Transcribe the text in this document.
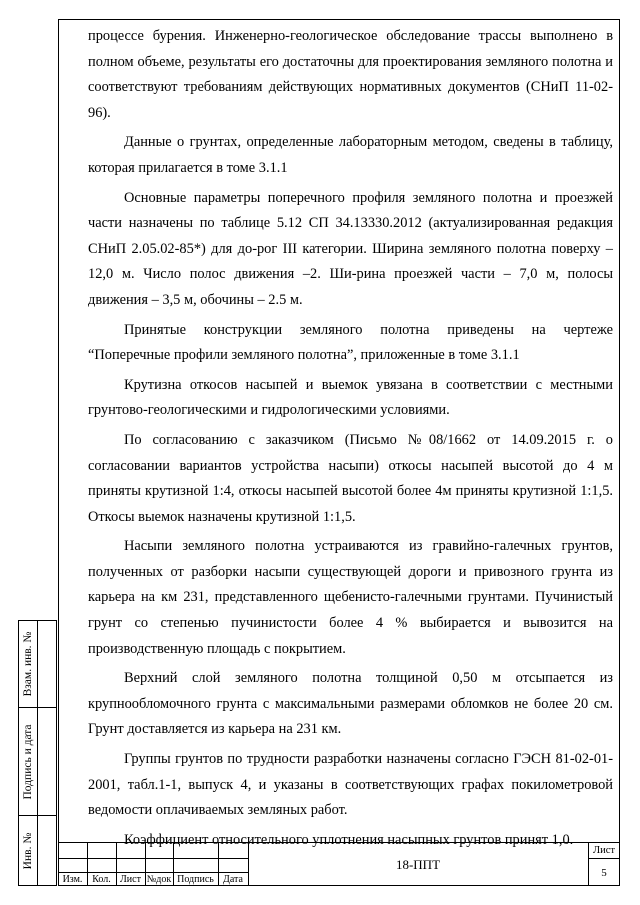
процессе бурения. Инженерно-геологическое обследование трассы выполнено в полном объеме, результаты его достаточны для проектирования земляного полотна и соответствуют требованиям действующих нормативных документов (СНиП 11-02-96).

Данные о грунтах, определенные лабораторным методом, сведены в таблицу, которая прилагается в томе 3.1.1

Основные параметры поперечного профиля земляного полотна и проезжей части назначены по таблице 5.12 СП 34.13330.2012 (актуализированная редакция СНиП 2.05.02-85*) для до-рог III категории. Ширина земляного полотна поверху – 12,0 м. Число полос движения –2. Ши-рина проезжей части – 7,0 м, полосы движения – 3,5 м, обочины – 2.5 м.

Принятые конструкции земляного полотна приведены на чертеже “Поперечные профили земляного полотна”, приложенные в томе 3.1.1

Крутизна откосов насыпей и выемок увязана в соответствии с местными грунтово-геологическими и гидрологическими условиями.

По согласованию с заказчиком (Письмо №08/1662 от 14.09.2015 г. о согласовании вариантов устройства насыпи) откосы насыпей высотой до 4 м приняты крутизной 1:4, откосы насыпей высотой более 4м приняты крутизной 1:1,5. Откосы выемок назначены крутизной 1:1,5.

Насыпи земляного полотна устраиваются из гравийно-галечных грунтов, полученных от разборки насыпи существующей дороги и привозного грунта из карьера на км 231, представленного щебенисто-галечными грунтами. Пучинистый грунт со степенью пучинистости более 4 % выбирается и вывозится на производственную площадь с покрытием.

Верхний слой земляного полотна толщиной 0,50 м отсыпается из крупнообломочного грунта с максимальными размерами обломков не более 20 см. Грунт доставляется из карьера на 231 км.

Группы грунтов по трудности разработки назначены согласно ГЭСН 81-02-01-2001, табл.1-1, выпуск 4, и указаны в соответствующих графах покилометровой ведомости оплачиваемых земляных работ.

Коэффициент относительного уплотнения насыпных грунтов принят 1,0.

Взам. инв. №
Подпись и дата
Инв. №
Изм. Кол. Лист №док Подпись Дата
18-ППТ
Лист
5
